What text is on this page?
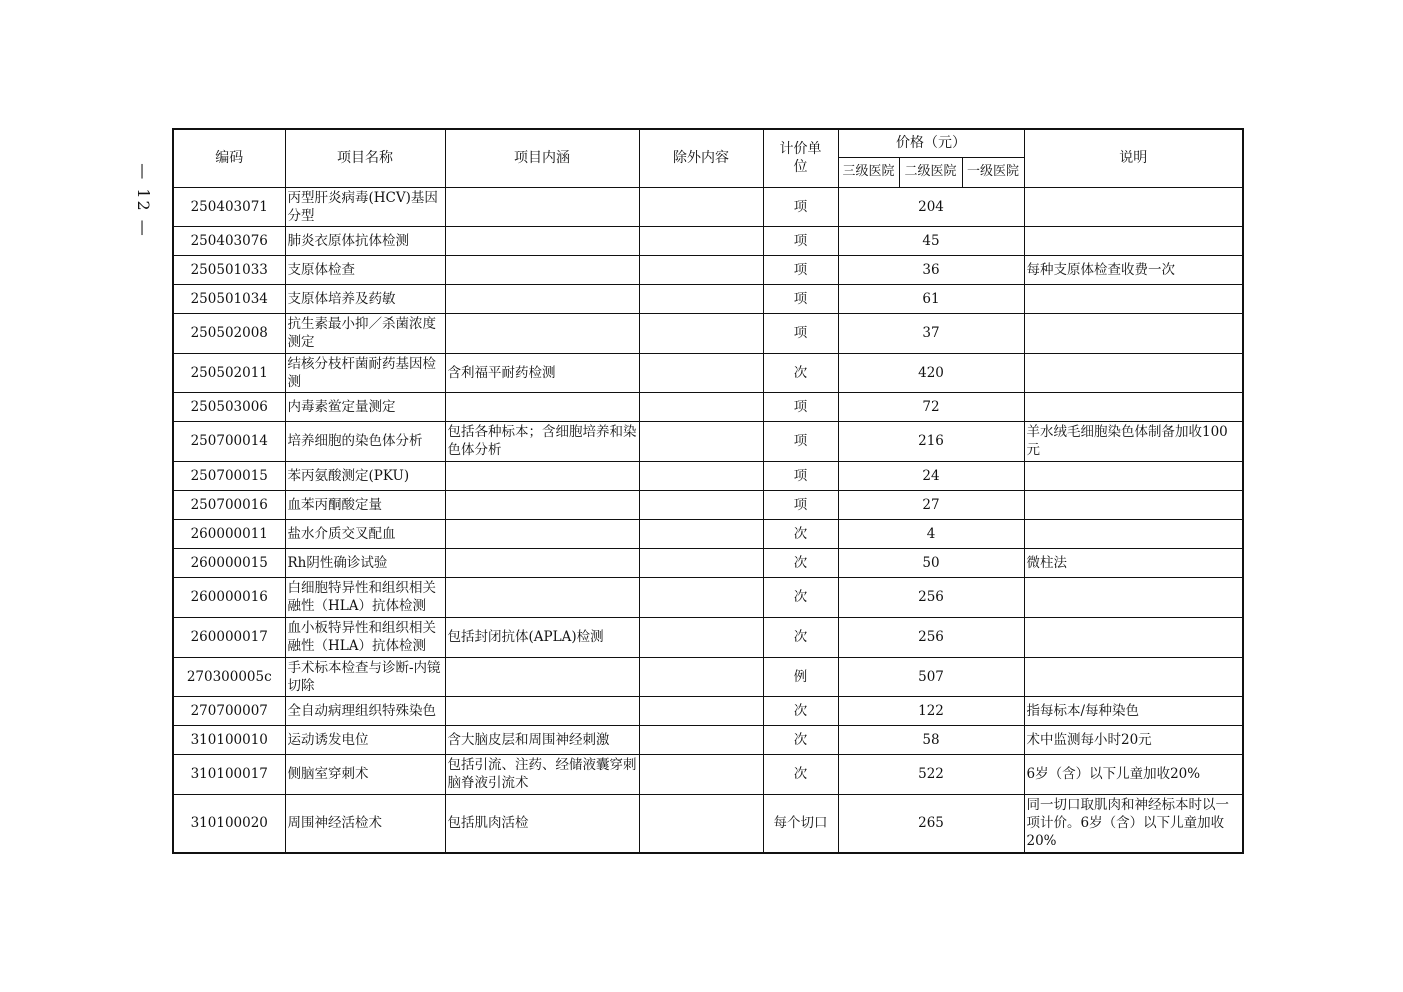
— 12 —
编码	项目名称	项目内涵	除外内容	计价单位	价格（元）			说明
					三级医院	二级医院	一级医院	
250403071	丙型肝炎病毒(HCV)基因分型			项	204			
250403076	肺炎衣原体抗体检测			项	45			
250501033	支原体检查			项	36			每种支原体检查收费一次
250501034	支原体培养及药敏			项	61			
250502008	抗生素最小抑／杀菌浓度测定			项	37			
250502011	结核分枝杆菌耐药基因检测	含利福平耐药检测		次	420			
250503006	内毒素鲎定量测定			项	72			
250700014	培养细胞的染色体分析	包括各种标本；含细胞培养和染色体分析		项	216			羊水绒毛细胞染色体制备加收100元
250700015	苯丙氨酸测定(PKU)			项	24			
250700016	血苯丙酮酸定量			项	27			
260000011	盐水介质交叉配血			次	4			
260000015	Rh阴性确诊试验			次	50			微柱法
260000016	白细胞特异性和组织相关融性（HLA）抗体检测			次	256			
260000017	血小板特异性和组织相关融性（HLA）抗体检测	包括封闭抗体(APLA)检测		次	256			
270300005c	手术标本检查与诊断-内镜切除			例	507			
270700007	全自动病理组织特殊染色			次	122			指每标本/每种染色
310100010	运动诱发电位	含大脑皮层和周围神经刺激		次	58			术中监测每小时20元
310100017	侧脑室穿刺术	包括引流、注药、经储液囊穿刺脑脊液引流术		次	522			6岁（含）以下儿童加收20%
310100020	周围神经活检术	包括肌肉活检		每个切口	265			同一切口取肌肉和神经标本时以一项计价。6岁（含）以下儿童加收20%
